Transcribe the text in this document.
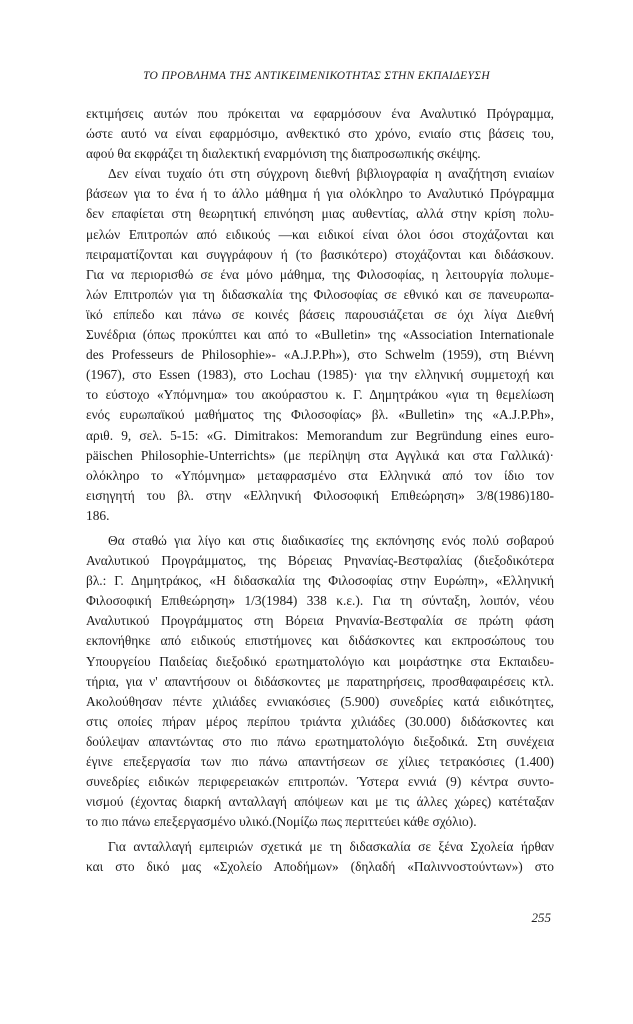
ΤΟ ΠΡΟΒΛΗΜΑ ΤΗΣ ΑΝΤΙΚΕΙΜΕΝΙΚΟΤΗΤΑΣ ΣΤΗΝ ΕΚΠΑΙΔΕΥΣΗ
εκτιμήσεις αυτών που πρόκειται να εφαρμόσουν ένα Αναλυτικό Πρόγραμμα,
ώστε αυτό να είναι εφαρμόσιμο, ανθεκτικό στο χρόνο, ενιαίο στις βάσεις του,
αφού θα εκφράζει τη διαλεκτική εναρμόνιση της διαπροσωπικής σκέψης.
Δεν είναι τυχαίο ότι στη σύγχρονη διεθνή βιβλιογραφία η αναζήτηση ενιαίων
βάσεων για το ένα ή το άλλο μάθημα ή για ολόκληρο το Αναλυτικό Πρόγραμμα
δεν επαφίεται στη θεωρητική επινόηση μιας αυθεντίας, αλλά στην κρίση πολυ-
μελών Επιτροπών από ειδικούς —και ειδικοί είναι όλοι όσοι στοχάζονται και
πειραματίζονται και συγγράφουν ή (το βασικότερο) στοχάζονται και διδάσκουν.
Για να περιορισθώ σε ένα μόνο μάθημα, της Φιλοσοφίας, η λειτουργία πολυμε-
λών Επιτροπών για τη διδασκαλία της Φιλοσοφίας σε εθνικό και σε πανευρωπα-
ϊκό επίπεδο και πάνω σε κοινές βάσεις παρουσιάζεται σε όχι λίγα Διεθνή
Συνέδρια (όπως προκύπτει και από το «Bulletin» της «Association Internationale
des Professeurs de Philosophie»- «A.J.P.Ph»), στο Schwelm (1959), στη Βιέννη
(1967), στο Essen (1983), στο Lochau (1985)· για την ελληνική συμμετοχή και
το εύστοχο «Υπόμνημα» του ακούραστου κ. Γ. Δημητράκου «για τη θεμελίωση
ενός ευρωπαϊκού μαθήματος της Φιλοσοφίας» βλ. «Bulletin» της «A.J.P.Ph»,
αριθ. 9, σελ. 5-15: «G. Dimitrakos: Memorandum zur Begründung eines euro-
päischen Philosophie-Unterrichts» (με περίληψη στα Αγγλικά και στα Γαλλικά)·
ολόκληρο το «Υπόμνημα» μεταφρασμένο στα Ελληνικά από τον ίδιο τον
εισηγητή του βλ. στην «Ελληνική Φιλοσοφική Επιθεώρηση» 3/8(1986)180-
186.
Θα σταθώ για λίγο και στις διαδικασίες της εκπόνησης ενός πολύ σοβαρού
Αναλυτικού Προγράμματος, της Βόρειας Ρηνανίας-Βεστφαλίας (διεξοδικότερα
βλ.: Γ. Δημητράκος, «Η διδασκαλία της Φιλοσοφίας στην Ευρώπη», «Ελληνική
Φιλοσοφική Επιθεώρηση» 1/3(1984) 338 κ.ε.). Για τη σύνταξη, λοιπόν, νέου
Αναλυτικού Προγράμματος στη Βόρεια Ρηνανία-Βεστφαλία σε πρώτη φάση
εκπονήθηκε από ειδικούς επιστήμονες και διδάσκοντες και εκπροσώπους του
Υπουργείου Παιδείας διεξοδικό ερωτηματολόγιο και μοιράστηκε στα Εκπαιδευ-
τήρια, για ν' απαντήσουν οι διδάσκοντες με παρατηρήσεις, προσθαφαιρέσεις κτλ.
Ακολούθησαν πέντε χιλιάδες εννιακόσιες (5.900) συνεδρίες κατά ειδικότητες,
στις οποίες πήραν μέρος περίπου τριάντα χιλιάδες (30.000) διδάσκοντες και
δούλεψαν απαντώντας στο πιο πάνω ερωτηματολόγιο διεξοδικά. Στη συνέχεια
έγινε επεξεργασία των πιο πάνω απαντήσεων σε χίλιες τετρακόσιες (1.400)
συνεδρίες ειδικών περιφερειακών επιτροπών. Ύστερα εννιά (9) κέντρα συντο-
νισμού (έχοντας διαρκή ανταλλαγή απόψεων και με τις άλλες χώρες) κατέταξαν
το πιο πάνω επεξεργασμένο υλικό.(Νομίζω πως περιττεύει κάθε σχόλιο).
Για ανταλλαγή εμπειριών σχετικά με τη διδασκαλία σε ξένα Σχολεία ήρθαν
και στο δικό μας «Σχολείο Αποδήμων» (δηλαδή «Παλιννοστούντων») στο
255
